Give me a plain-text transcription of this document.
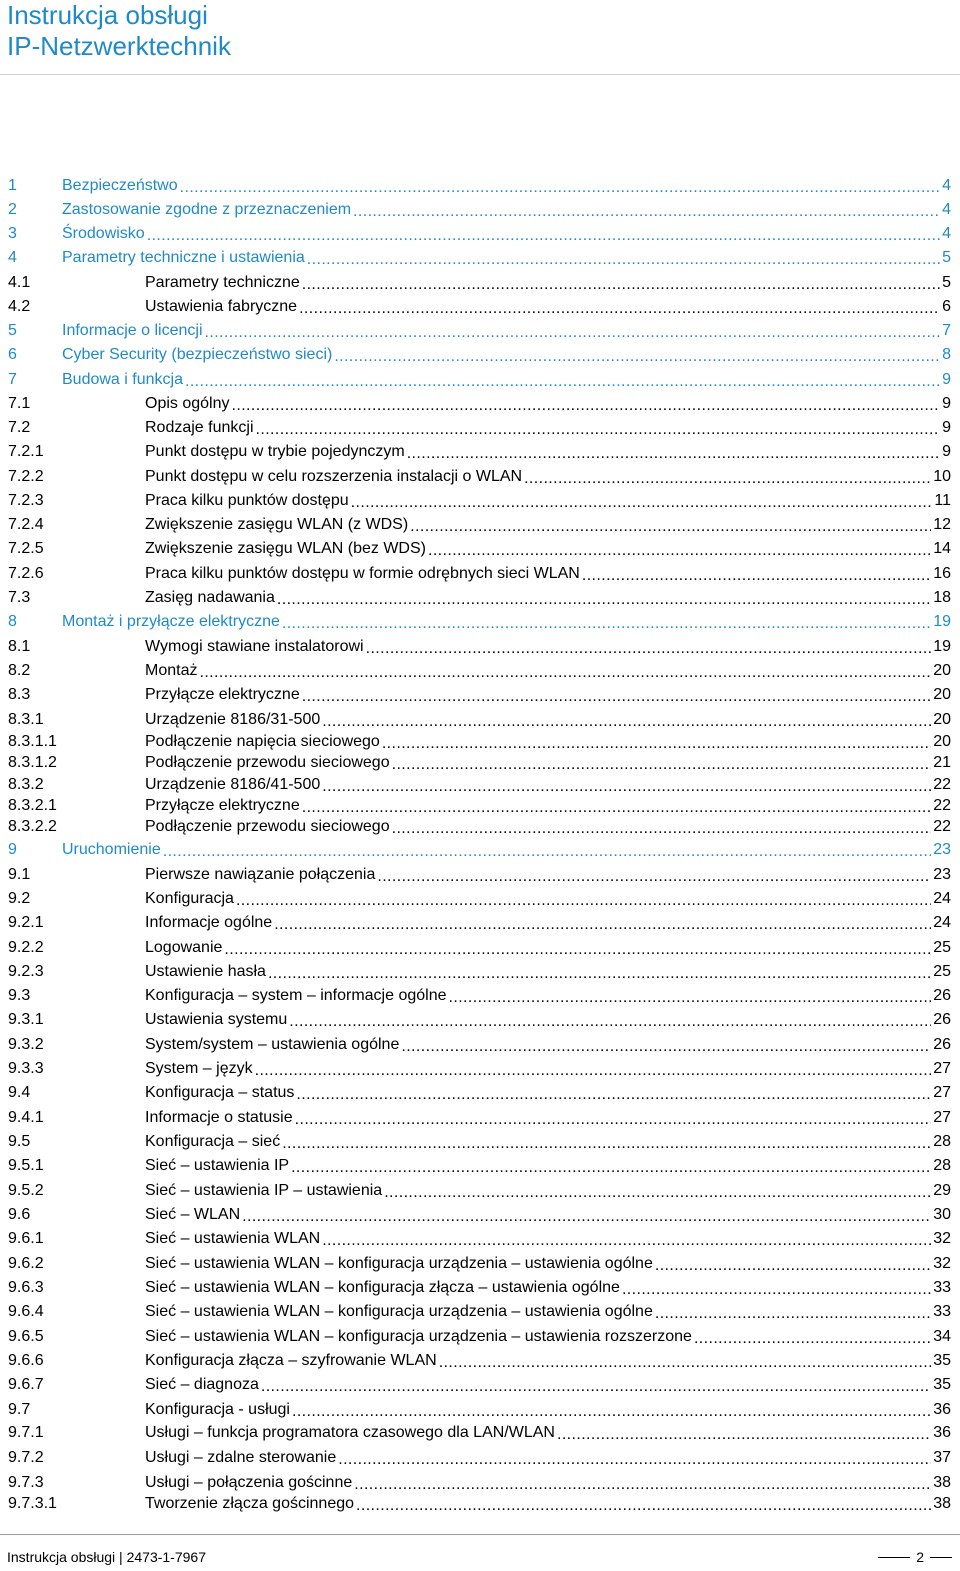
Instrukcja obsługi
IP-Netzwerktechnik
1	Bezpieczeństwo .....	4
2	Zastosowanie zgodne z przeznaczeniem .....	4
3	Środowisko .....	4
4	Parametry techniczne i ustawienia .....	5
4.1	Parametry techniczne .....	5
4.2	Ustawienia fabryczne .....	6
5	Informacje o licencji .....	7
6	Cyber Security (bezpieczeństwo sieci) .....	8
7	Budowa i funkcja .....	9
7.1	Opis ogólny .....	9
7.2	Rodzaje funkcji .....	9
7.2.1	Punkt dostępu w trybie pojedynczym .....	9
7.2.2	Punkt dostępu w celu rozszerzenia instalacji o WLAN .....	10
7.2.3	Praca kilku punktów dostępu .....	11
7.2.4	Zwiększenie zasięgu WLAN (z WDS) .....	12
7.2.5	Zwiększenie zasięgu WLAN (bez WDS) .....	14
7.2.6	Praca kilku punktów dostępu w formie odrębnych sieci WLAN .....	16
7.3	Zasięg nadawania .....	18
8	Montaż i przyłącze elektryczne .....	19
8.1	Wymogi stawiane instalatorowi .....	19
8.2	Montaż .....	20
8.3	Przyłącze elektryczne .....	20
8.3.1	Urządzenie 8186/31-500 .....	20
8.3.1.1	Podłączenie napięcia sieciowego .....	20
8.3.1.2	Podłączenie przewodu sieciowego .....	21
8.3.2	Urządzenie 8186/41-500 .....	22
8.3.2.1	Przyłącze elektryczne .....	22
8.3.2.2	Podłączenie przewodu sieciowego .....	22
9	Uruchomienie .....	23
9.1	Pierwsze nawiązanie połączenia .....	23
9.2	Konfiguracja .....	24
9.2.1	Informacje ogólne .....	24
9.2.2	Logowanie .....	25
9.2.3	Ustawienie hasła .....	25
9.3	Konfiguracja – system – informacje ogólne .....	26
9.3.1	Ustawienia systemu .....	26
9.3.2	System/system – ustawienia ogólne .....	26
9.3.3	System – język .....	27
9.4	Konfiguracja – status .....	27
9.4.1	Informacje o statusie .....	27
9.5	Konfiguracja – sieć .....	28
9.5.1	Sieć – ustawienia IP .....	28
9.5.2	Sieć – ustawienia IP – ustawienia .....	29
9.6	Sieć – WLAN .....	30
9.6.1	Sieć – ustawienia WLAN .....	32
9.6.2	Sieć – ustawienia WLAN – konfiguracja urządzenia – ustawienia ogólne .....	32
9.6.3	Sieć – ustawienia WLAN – konfiguracja złącza – ustawienia ogólne .....	33
9.6.4	Sieć – ustawienia WLAN – konfiguracja urządzenia – ustawienia ogólne .....	33
9.6.5	Sieć – ustawienia WLAN – konfiguracja urządzenia – ustawienia rozszerzone .....	34
9.6.6	Konfiguracja złącza – szyfrowanie WLAN .....	35
9.6.7	Sieć – diagnoza .....	35
9.7	Konfiguracja - usługi .....	36
9.7.1	Usługi – funkcja programatora czasowego dla LAN/WLAN .....	36
9.7.2	Usługi – zdalne sterowanie .....	37
9.7.3	Usługi – połączenia gościnne .....	38
9.7.3.1	Tworzenie złącza gościnnego .....	38
Instrukcja obsługi | 2473-1-7967	2
